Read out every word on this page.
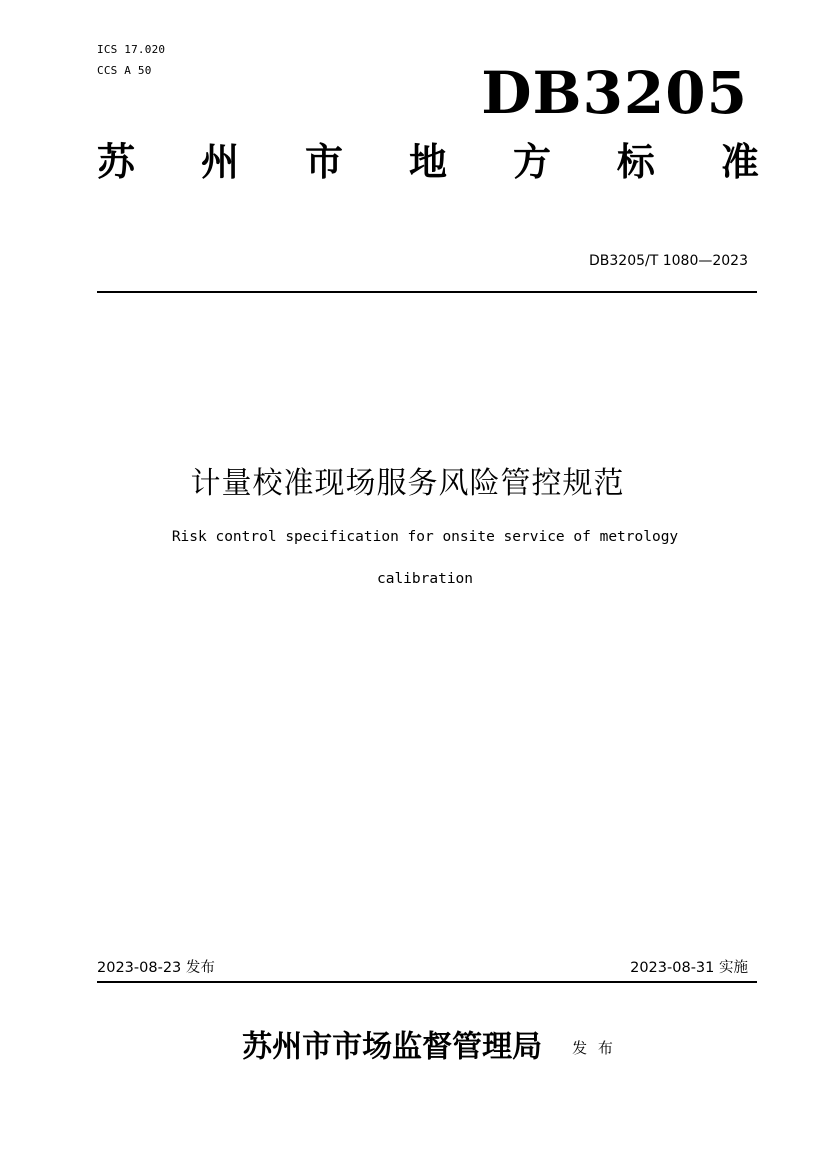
ICS 17.020
CCS A 50	DB3205
苏 州 市 地 方 标 准
DB3205/T 1080—2023
计量校准现场服务风险管控规范
Risk control specification for onsite service of metrology
calibration
2023-08-23 发布	2023-08-31 实施
苏州市市场监督管理局 发 布
